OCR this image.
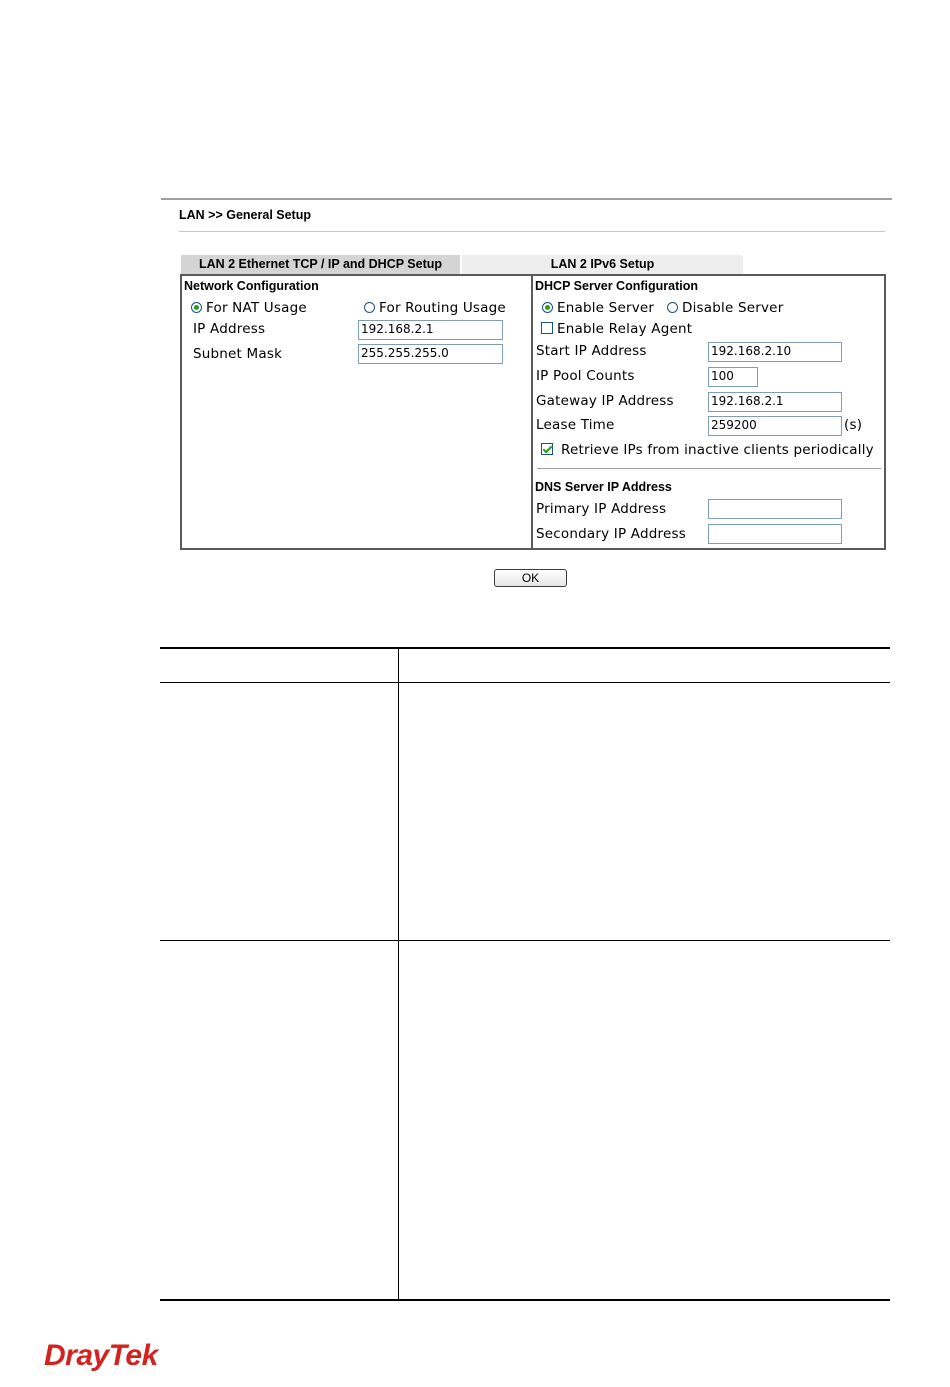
LAN >> General Setup
LAN 2 Ethernet TCP / IP and DHCP Setup	LAN 2 IPv6 Setup
Network Configuration
For NAT Usage	For Routing Usage
IP Address	192.168.2.1
Subnet Mask	255.255.255.0
DHCP Server Configuration
Enable Server Disable Server
Enable Relay Agent
Start IP Address	192.168.2.10
IP Pool Counts	100
Gateway IP Address	192.168.2.1
Lease Time	259200	(s)
Retrieve IPs from inactive clients periodically
DNS Server IP Address
Primary IP Address
Secondary IP Address
OK
DrayTek
